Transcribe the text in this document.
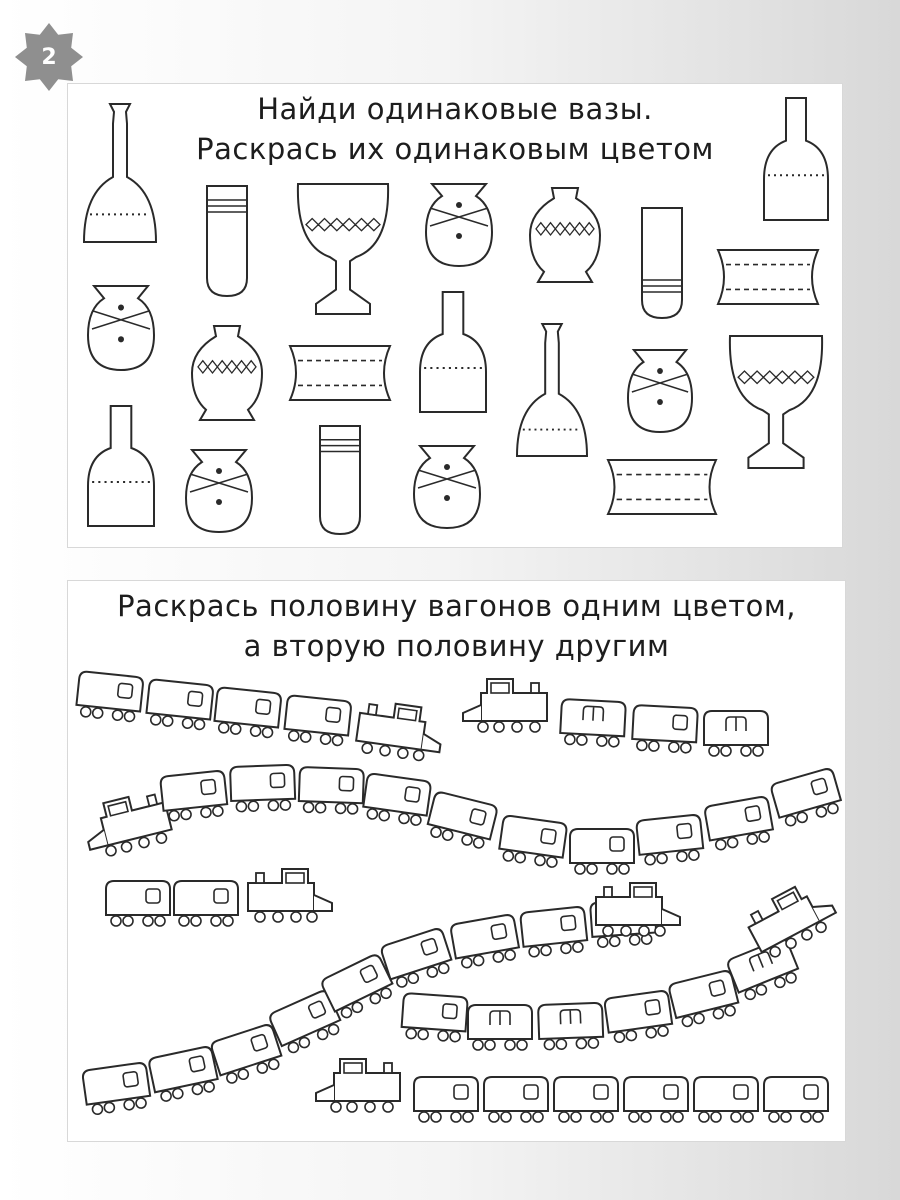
2
Найди одинаковые вазы.
Раскрась их одинаковым цветом
Раскрась половину вагонов одним цветом,
а вторую половину другим
